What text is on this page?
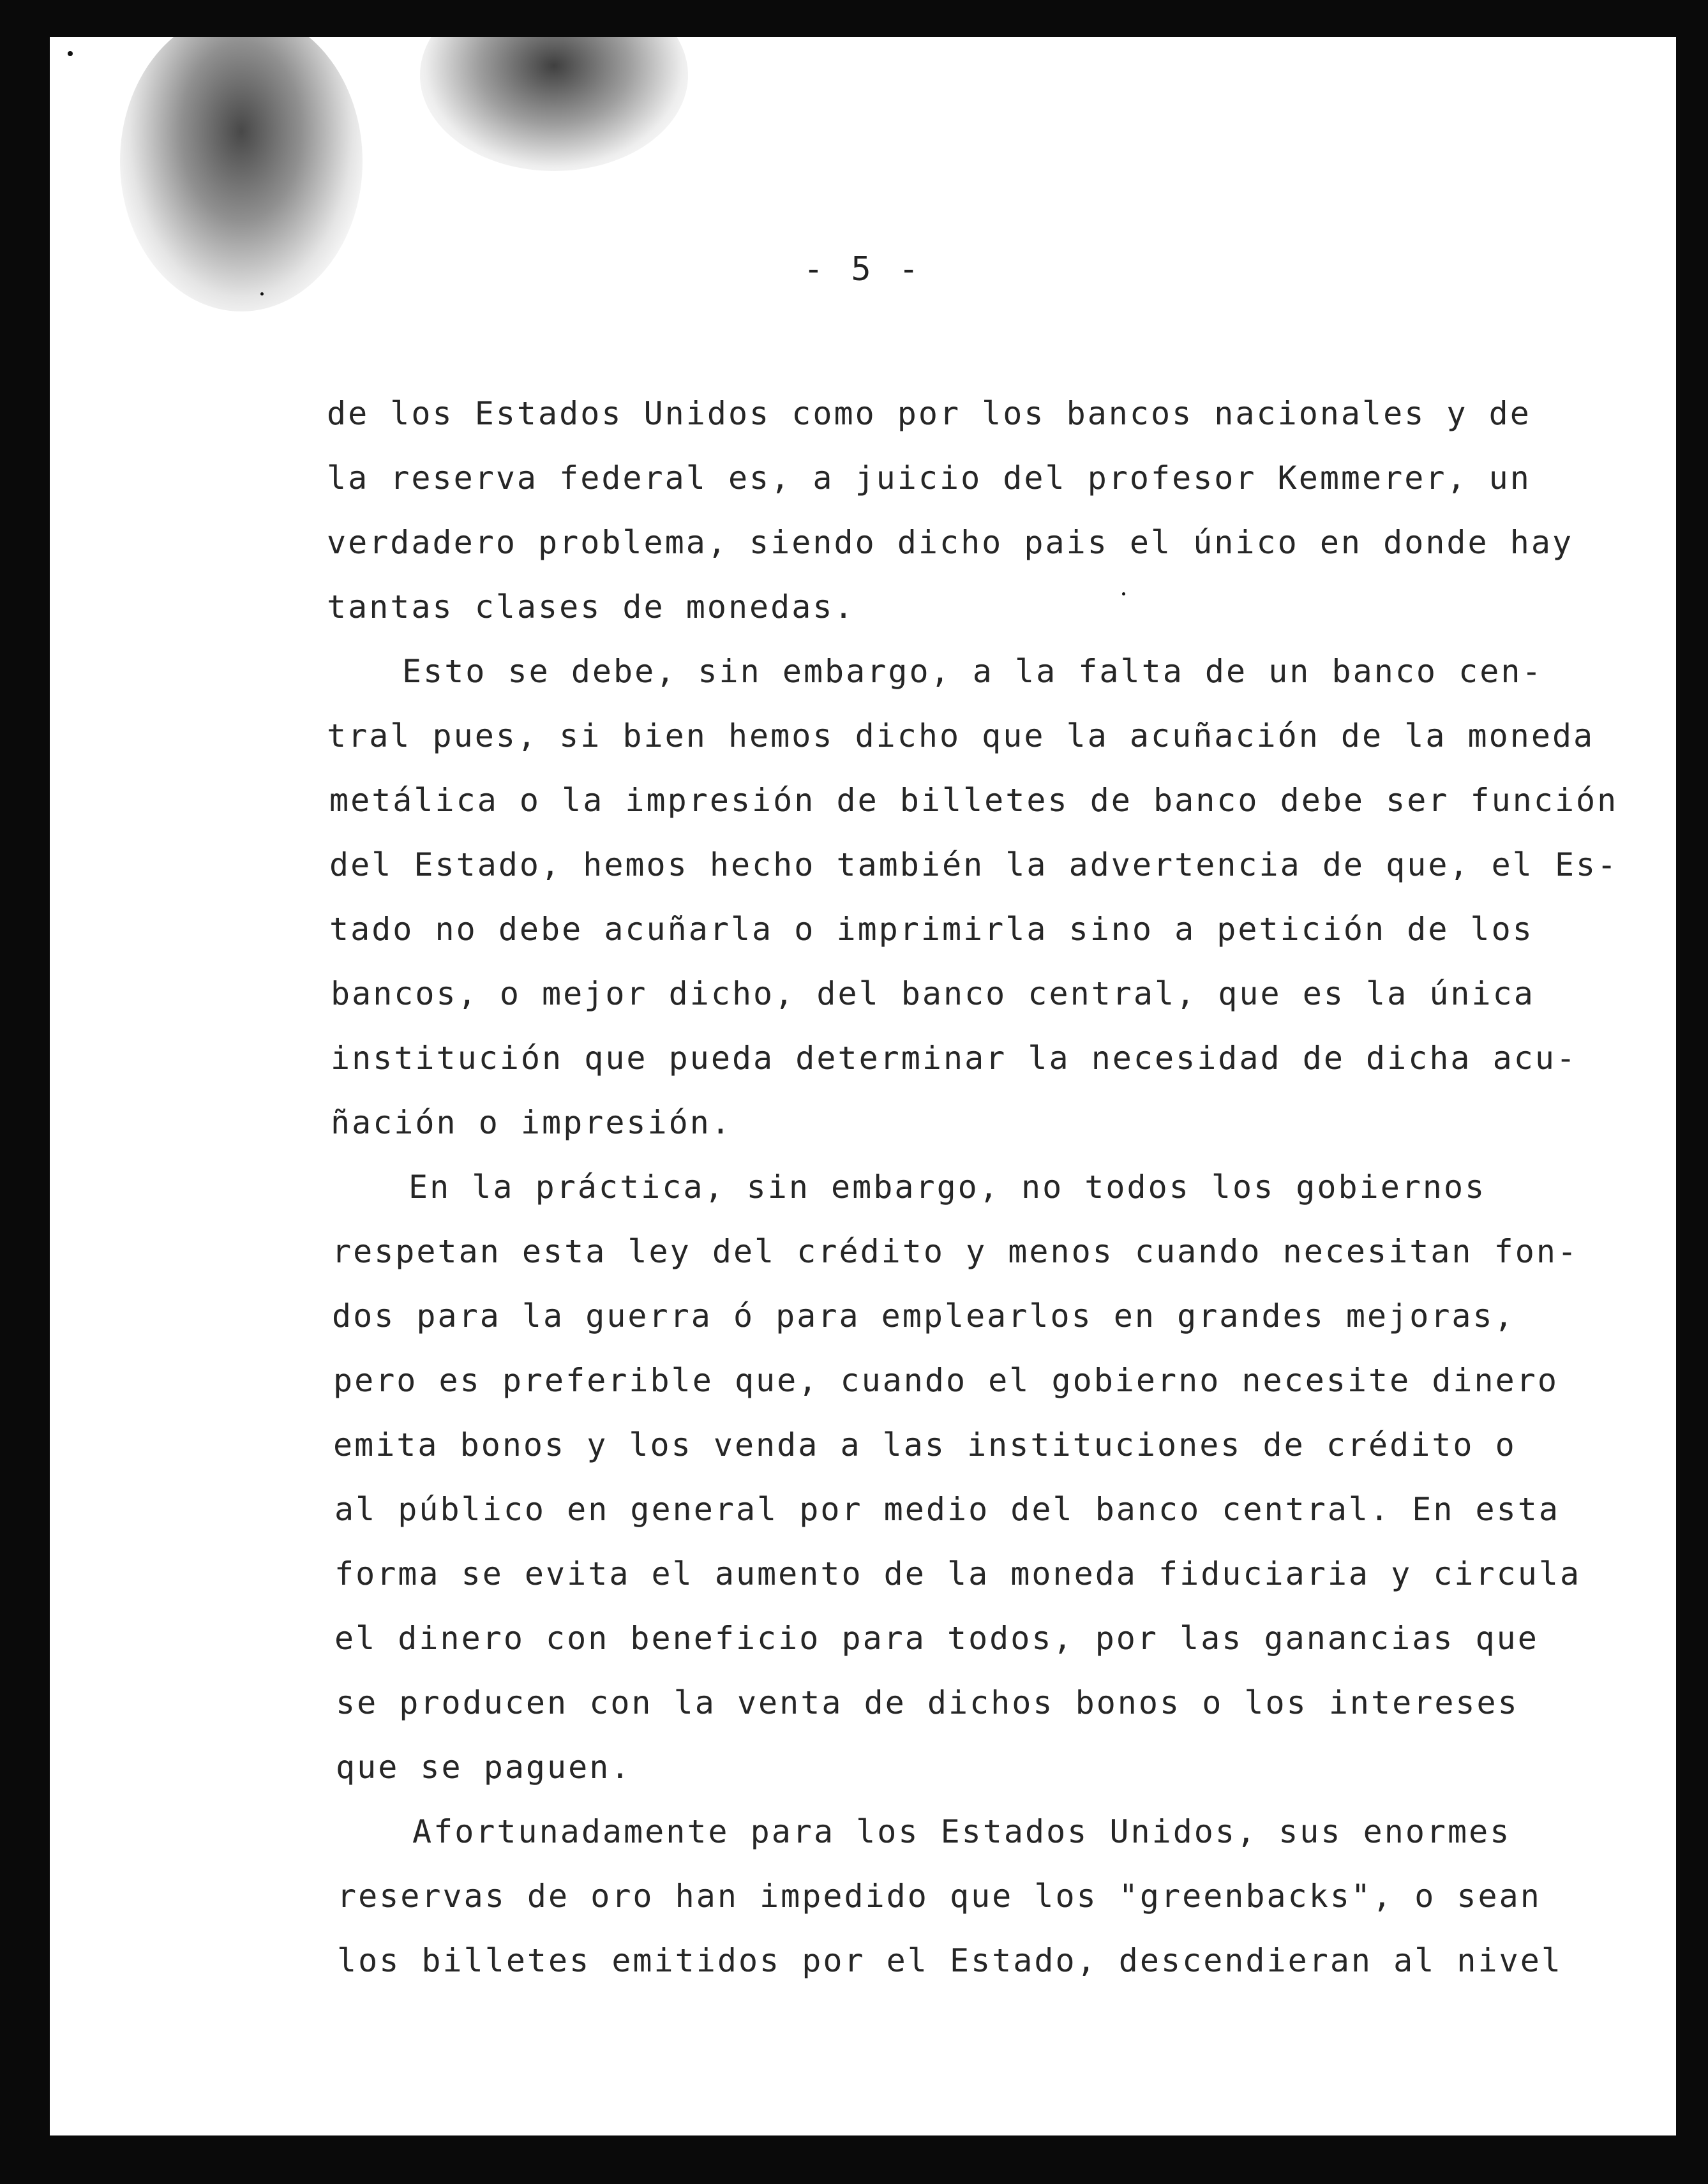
- 5 -
de los Estados Unidos como por los bancos nacionales y de
la reserva federal es, a juicio del profesor Kemmerer, un
verdadero problema, siendo dicho pais el único en donde hay
tantas clases de monedas.
Esto se debe, sin embargo, a la falta de un banco cen-
tral pues, si bien hemos dicho que la acuñación de la moneda
metálica o la impresión de billetes de banco debe ser función
del Estado, hemos hecho también la advertencia de que, el Es-
tado no debe acuñarla o imprimirla sino a petición de los
bancos, o mejor dicho, del banco central, que es la única
institución que pueda determinar la necesidad de dicha acu-
ñación o impresión.
En la práctica, sin embargo, no todos los gobiernos
respetan esta ley del crédito y menos cuando necesitan fon-
dos para la guerra ó para emplearlos en grandes mejoras,
pero es preferible que, cuando el gobierno necesite dinero
emita bonos y los venda a las instituciones de crédito o
al público en general por medio del banco central. En esta
forma se evita el aumento de la moneda fiduciaria y circula
el dinero con beneficio para todos, por las ganancias que
se producen con la venta de dichos bonos o los intereses
que se paguen.
Afortunadamente para los Estados Unidos, sus enormes
reservas de oro han impedido que los "greenbacks", o sean
los billetes emitidos por el Estado, descendieran al nivel
